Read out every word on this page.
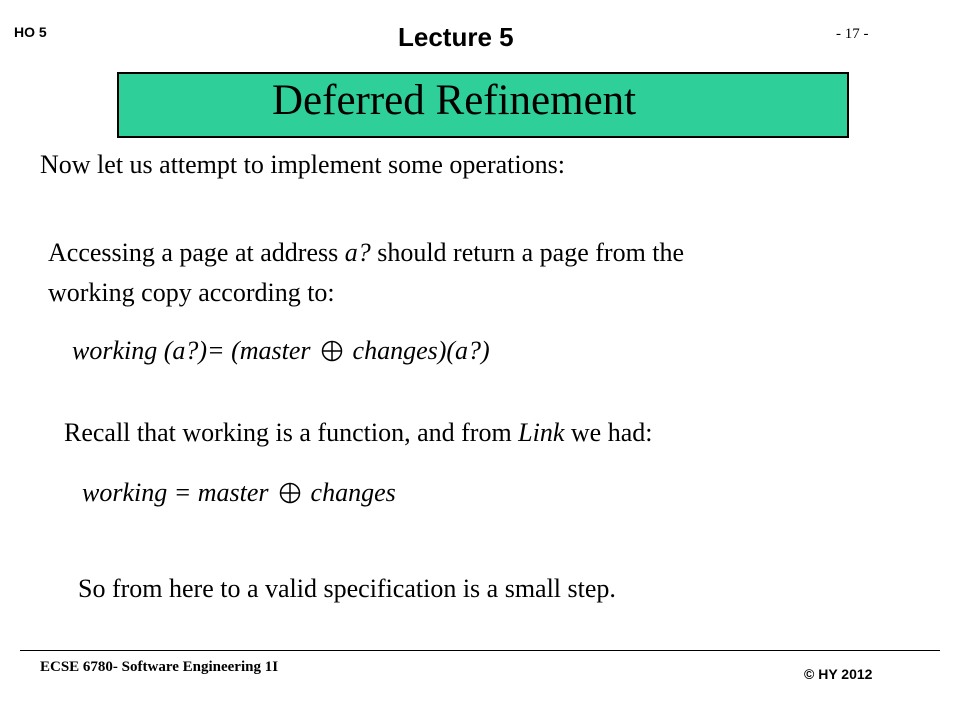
HO 5	Lecture 5	- 17 -
Deferred Refinement
Now let us attempt to implement some operations:
Accessing a page at address a? should return a page from the
working copy according to:
working (a?)= (master changes)(a?)
Recall that working is a function, and from Link we had:
working = master changes
So from here to a valid specification is a small step.
ECSE 6780- Software Engineering 1I	© HY 2012
